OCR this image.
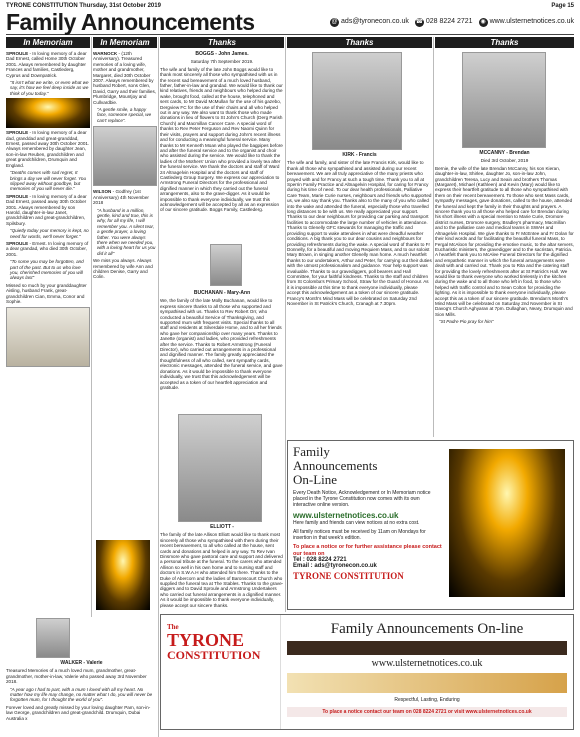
TYRONE CONSTITUTION Thursday, 31st October 2019	Page 15
Family Announcements	@ ads@tyronecon.co.uk ☎ 028 8224 2721	◉ www.ulsternetnotices.co.uk
In Memoriam	In Memoriam	Thanks	Thanks	Thanks

SPROULE - In loving memory of a dear Dad Ernest, called Home 30th October 2001. Always remembered by daughter Frances and families, Castlederg, Cyprus and Downpatrick.

"It isn't what we write, or even what we say, it's how we feel deep inside as we think of you today."

SPROULE - In loving memory of a dear dad, granddad and great-granddad, Ernest, passed away 30th October 2001. Always remembered by daughter Jean, son-in-law Reuben, grandchildren and great grandchildren, Drumquin and England.

"Deaths comes with sad regret, It brings a day we will never forget. You slipped away without goodbye, but memories of you will never die."

SPROULE - In loving memory of a dear Dad Ernest, passed away 30th October 2001. Always remembered by son Harold, daughter-in-law Janet, grandchildren and great-grandchildren, Spilsbury.

"Quietly today your memory is kept, no need for words, we'll never forget."

SPROULE - Ernest. In loving memory of a dear grandad, who died 30th October, 2001.

"To some you may be forgotten, and part of the past. But to us who love you, cherished memories of you will always last"

Missed so much by your granddaughter Aisling, husband Frank, great-grandchildren Cian, Emma, Conor and Sophie.

WARNOCK - (12th Anniversary). Treasured memories of a loving wife, mother and grandmother, Margaret, died 30th October 2007. Always remembered by husband Robert, sons Glen, David, Garry and their families, Plumbridge, Mountjoy and Cullvardbie.

"A gentle smile, a happy face, someone special, we can't replace".

WILSON - Godfrey (1st Anniversary) 4th November 2018

"A husband in a million, gentle, kind and true, this is why, for all my life, I will remember you. A silent tear, a gentle prayer, a loving father. You were always there when we needed you, with a loving heart for us you did it all"

We miss you always. Always remembered by wife Ann and children Denise, Garry and Colin.

WALKER - Valerie

Treasured Memories of a much loved mum, grandmother, great-grandmother, mother-in-law, Valerie who passed away 3rd November 2018.

"A year ago I had to part, with a mum I loved with all my heart. No matter how my life may change, no matter what I do, you will never be forgotten mum, for I thought the world of you".

Forever loved and greatly missed by your loving daughter Pam, son-in-law George, grandchildren and great-grandchild. Drumquin, Dubai Australia x

BOGGS - John James.

Saturday 7th September 2019.

The wife and family of the late John Boggs would like to thank most sincerely all those who sympathised with us in the recent sad bereavement of a much loved husband, father, father-in-law and grandad. We would like to thank our kind relatives, friends and neighbours who helped during the wake, brought food, called at the house, telephoned and sent cards, to Mr David McMullan for the use of his gazebo, Dergview FC for the use of their chairs and all who helped out in any way. We also want to thank those who made donations in lieu of flowers to St John's Church (Derg Parish Church) and Macmillan Cancer Care. A special word of thanks to Rev Peter Ferguson and Rev Naomi Quinn for their visits, prayers and support during John's recent illness and for conducting a meaningful funeral service. Many thanks to Mr Kenneth Moan who played the bagpipes before and after the funeral service and to the organist and choir who assisted during the service. We would like to thank the ladies of the Mothers' Union who provided a lovely tea after the funeral service. We thank the doctors and staff of Ward 24 Altnagelvin Hospital and the doctors and staff of Castlederg Group Surgery. We express our appreciation to Armstrong Funeral Directors for the professional and dignified manner in which they carried out the funeral arrangements, also to the grave-digger. As it would be impossible to thank everyone individually, we trust this acknowledgement will be accepted by all as an expression of our sincere gratitude. Boggs Family, Castlederg.

BUCHANAN - Mary-Ann

We, the family of the late Molly Buchanan, would like to express sincere thanks to all those who supported and sympathised with us. Thanks to Rev Robert Orr, who conducted a beautiful Service of Thanksgiving, and supported mum with frequent visits. Special thanks to all staff and residents at Silverdale Home, and to all her friends who gave her companionship over many years. Thanks to Janette (organist) and ladies, who provided refreshments after the service. Thanks to Robert Armstrong (Funeral Director), who carried out arrangements in a professional and dignified manner. The family greatly appreciated the thoughtfulness of all who called, sent sympathy cards, electronic messages, attended the funeral service, and gave donations. As it would be impossible to thank everyone individually, we trust that this acknowledgement will be accepted as a token of our heartfelt appreciation and gratitude.

ELLIOTT -

The family of the late Allison Elliott would like to thank most sincerely all those who sympathised with them during their recent bereavement, to all who called at the house, sent cards and donations and helped in any way. To Rev Ivan Dinsmore who gave pastoral care and support and delivered a personal tribute at the funeral. To the carers who attended Allison so well in his own home and to nursing staff and doctors in S.W.A.H who attended him there. Thanks to the Duke of Abercorn and the ladies of Baronscourt Church who supplied the funeral tea at The Stables. Thanks to the grave-diggers and to David Sproule and Armstrong Undertakers who carried out funeral arrangements in a dignified manner. As it would be impossible to thank everyone individually, please accept our sincere thanks.

KIRK - Francis

The wife and family, and sister of the late Francis Kirk, would like to thank all those who sympathised and assisted during our recent bereavement. We are all truly appreciative of the many priests who prayed with and for Francy at such a tough time. Thank you to all at Sperrin Family Practice and Altnagelvin Hospital, for caring for Francy during his time of need. To our dear health professionals, Palliative Care Team, Marie Curie nurses, neighbours and friends who supported us, we also say thank you. Thanks also to the many of you who called into the wake and attended the funeral, especially those who travelled long distances to be with us. We really appreciated your support. Thanks to our dear neighbours for providing car parking and transport facilities to accommodate the large number of vehicles in attendance. Thanks to Glenelly GFC stewards for managing the traffic and providing support to wake attendees in what were dreadful weather conditions. A big thank you to our dear cousins and neighbours for providing refreshments during the wake. A special word of thanks to Fr Donnelly, for a beautiful and moving Requiem Mass, and to our soloist Mary Brown, in singing another Glenelly man home. A much heartfelt thanks to our undertakers, Arthur and Peter, for carrying out their duties with the utmost professionalism and guidance. Your help support was invaluable. Thanks to our gravediggers, poll bearers and Hall Committee, for your faithful kindness. Thanks to the staff and children from St Colomba's Primary School, Straw for the Guard of Honour. As it is impossible at this time to thank everyone individually, please accept this acknowledgement as a token of our sincere gratitude. Francy's Month's Mind Mass will be celebrated on Saturday 2nd November in St Patrick's Church, Cranagh at 7.30pm.

MCCANNY - Brendan

Died 3rd October, 2019

Bernie, the wife of the late Brendan McCanny, his son Kieran, daughter-in-law, Shirlee, daughter Jo, son-in-law John, grandchildren Teresa, Lucy and Seain and brothers Thomas (Margaret), Michael (Kathleen) and Kevin (Mary) would like to express their heartfelt gratitude to all those who sympathised with them on their recent bereavement. To those who sent Mass cards, sympathy messages, gave donations, called to the house, attended the funeral and kept the family in their thoughts and prayers. A sincere thank you to all those who helped care for Brendan during his short illness with a special mention to Marie Curie, Dromore district nurses, Dromore surgery, Bradley's pharmacy, Macmillan and to the palliative care and medical teams in SWAH and Altnagelvin Hospital. We give thanks to Fr McEntee and Fr Dolan for their kind words and for facilitating the beautiful funeral Mass, to Fergal McAloon for providing the emotive music, to the altar servers, Eucharistic ministers, the gravedigger and to the sacristan, Patricia. A heartfelt thank you to McAlee Funeral Directors for the dignified and empathetic manner in which the funeral arrangements were dealt with and carried out. Thank you to Rita and the catering staff for providing the lovely refreshments after at St Patrick's Hall. We would like to thank everyone who worked tirelessly in the kitchen during the wake and to all those who left in food, to those who helped with traffic control and to Sean Colton for providing the lighting. As it is impossible to thank everyone individually, please accept this as a token of our sincere gratitude. Brendan's Month's Mind Mass will be celebrated on Saturday 2nd November in St Davog's Church Aghyaran at 7pm. Dullaghan, Neary, Drumquin and Sion Mills.

"St Padre Pio pray for him"

Family
Announcements
On-Line
Every Death Notice, Acknowledgement or In Memoriam notice placed in the Tyrone Constitution now comes with its own interactive online version.
www.ulsternetnotices.co.uk
Here family and friends can view notices at no extra cost.
All family notices must be received by 11am on Mondays for insertion in that week's edition.
To place a notice or for further assistance please contact our team on
Tel : 028 8224 2721
Email : ads@tyronecon.co.uk
TYRONE CONSTITUTION
The
TYRONE
CONSTITUTION
Family Announcements On-line
www.ulsternetnotices.co.uk
Respectful, Lasting, Enduring
To place a notice contact our team on 028 8224 2721 or visit www.ulsternetnotices.co.uk
